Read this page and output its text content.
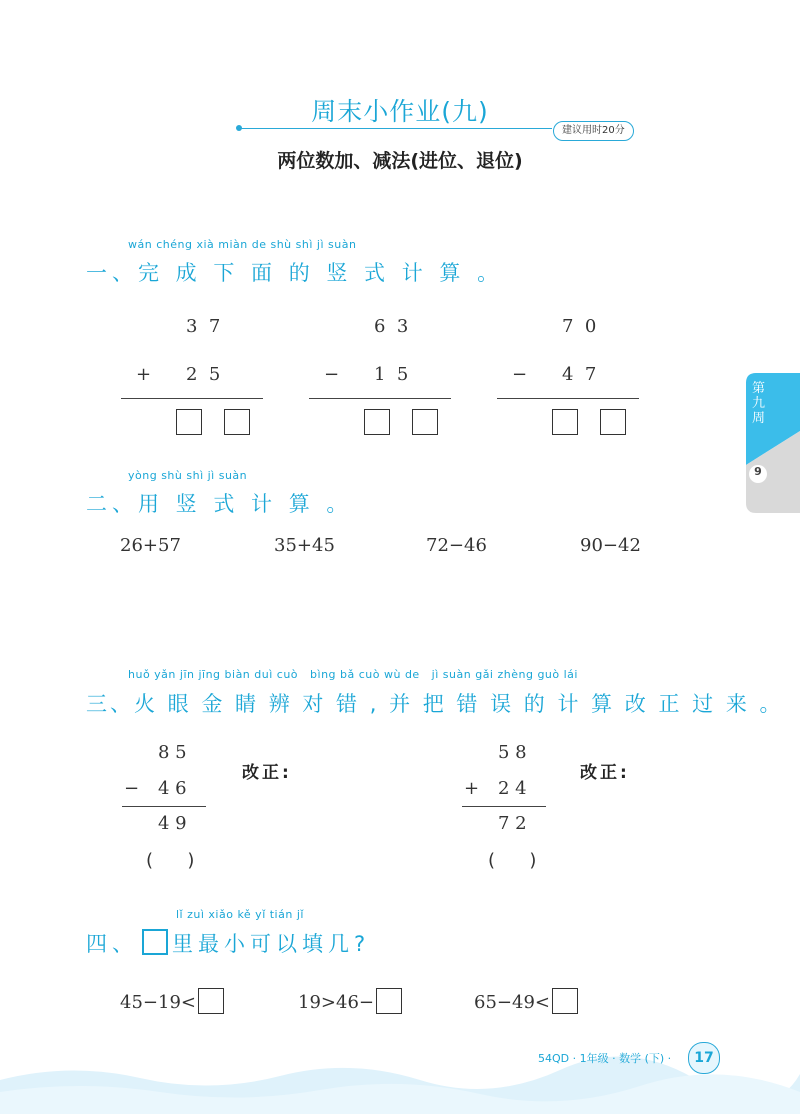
周末小作业(九)
建议用时20分
两位数加、减法(进位、退位)
wán chéng xià miàn de shù shì jì suàn
一、完 成 下 面 的 竖 式 计 算 。
3  7
+ 2  5
6  3
− 1  5
7  0
− 4  7
yòng shù shì jì suàn
二、用 竖 式 计 算 。
26+57	35+45	72−46	90−42
huǒ yǎn jīn jīng biàn duì cuò   bìng bǎ cuò wù de   jì suàn gǎi zhèng guò lái
三、火 眼 金 睛 辨 对 错 , 并 把 错 误 的 计 算 改 正 过 来 。
8 5
− 4 6
4 9
改正:
(      )
5 8
+ 2 4
7 2
改正:
(      )
lǐ zuì xiǎo kě yǐ tián jǐ
四、 里最小可以填几?
45−19<	19>46−	65−49<
第九周
9
54QD · 1年级 · 数学 (下) ·	17
